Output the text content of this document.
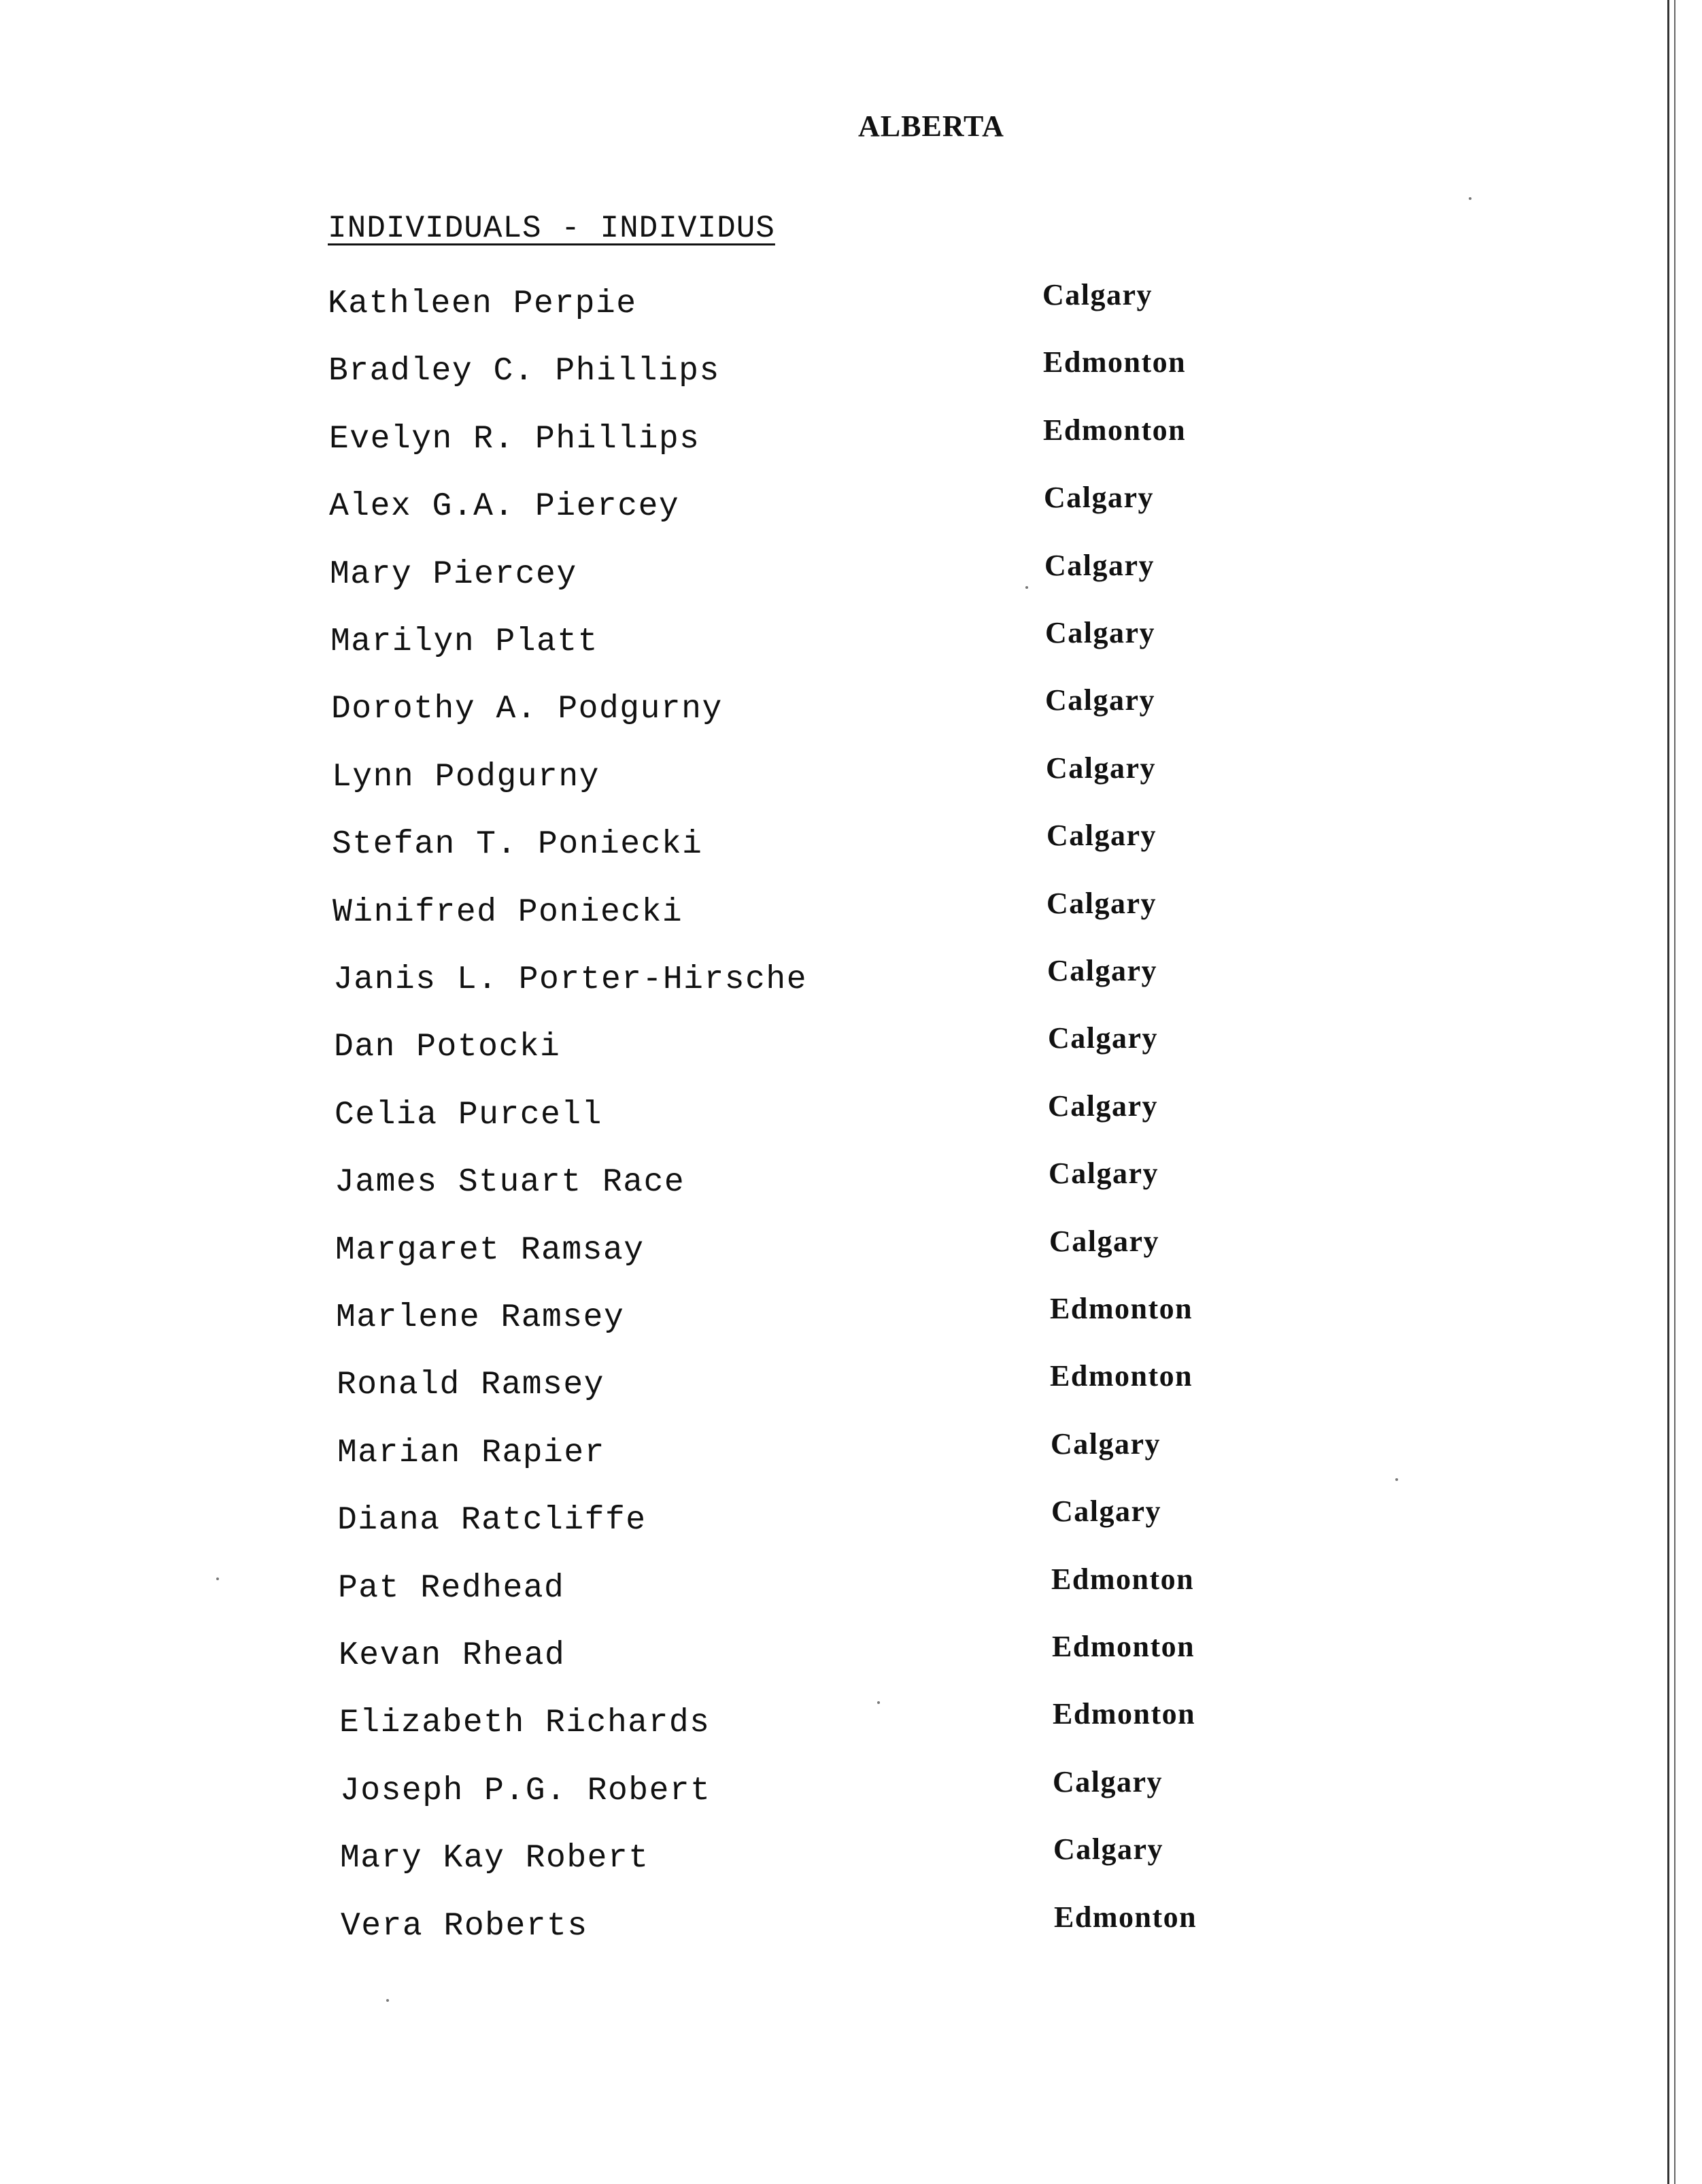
ALBERTA
INDIVIDUALS - INDIVIDUS
Kathleen Perpie	Calgary
Bradley C. Phillips	Edmonton
Evelyn R. Phillips	Edmonton
Alex G.A. Piercey	Calgary
Mary Piercey	Calgary
Marilyn Platt	Calgary
Dorothy A. Podgurny	Calgary
Lynn Podgurny	Calgary
Stefan T. Poniecki	Calgary
Winifred Poniecki	Calgary
Janis L. Porter-Hirsche	Calgary
Dan Potocki	Calgary
Celia Purcell	Calgary
James Stuart Race	Calgary
Margaret Ramsay	Calgary
Marlene Ramsey	Edmonton
Ronald Ramsey	Edmonton
Marian Rapier	Calgary
Diana Ratcliffe	Calgary
Pat Redhead	Edmonton
Kevan Rhead	Edmonton
Elizabeth Richards	Edmonton
Joseph P.G. Robert	Calgary
Mary Kay Robert	Calgary
Vera Roberts	Edmonton
